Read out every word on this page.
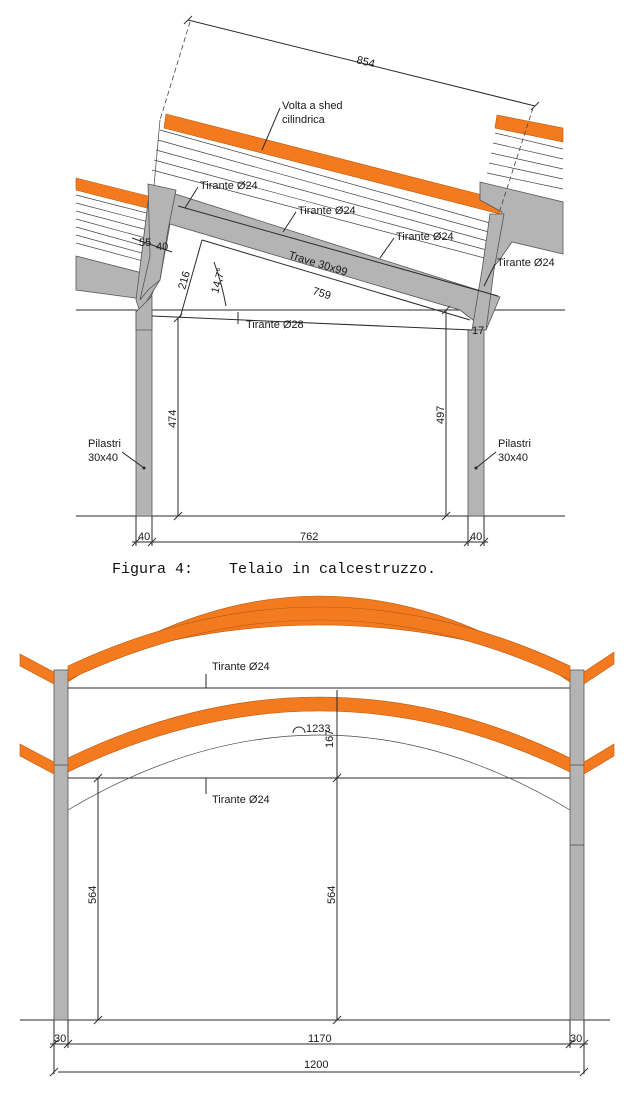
854
Volta a shed
cilindrica
Tirante Ø24
Tirante Ø24
Tirante Ø24
Tirante Ø24
Trave 30x99
55 40
216 14,7°	759
Tirante Ø28	17
474	497
Pilastri
30x40
Pilastri
30x40
40	762	40
Figura 4:    Telaio in calcestruzzo.
Tirante Ø24
Tirante Ø24
1233
167
564	564
30	1170	30
1200
